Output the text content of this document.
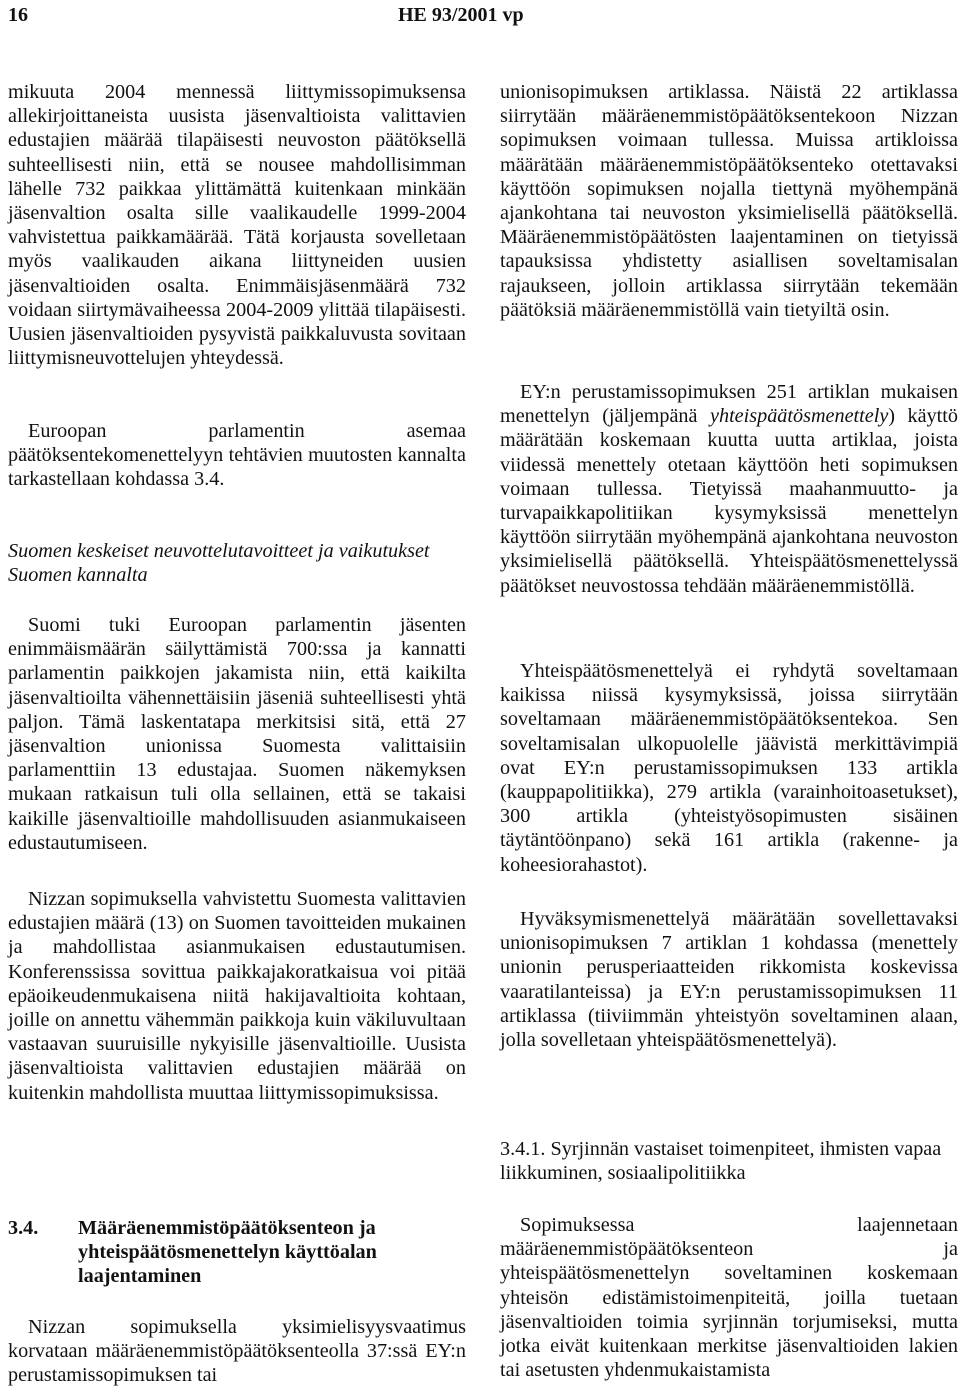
16	HE 93/2001 vp

mikuuta 2004 mennessä liittymissopimuksensa allekirjoittaneista uusista jäsenvaltioista valittavien edustajien määrää tilapäisesti neuvoston päätöksellä suhteellisesti niin, että se nousee mahdollisimman lähelle 732 paikkaa ylittämättä kuitenkaan minkään jäsenvaltion osalta sille vaalikaudelle 1999-2004 vahvistettua paikkamäärää. Tätä korjausta sovelletaan myös vaalikauden aikana liittyneiden uusien jäsenvaltioiden osalta. Enimmäisjäsenmäärä 732 voidaan siirtymävaiheessa 2004-2009 ylittää tilapäisesti. Uusien jäsenvaltioiden pysyvistä paikkaluvusta sovitaan liittymisneuvottelujen yhteydessä.

Euroopan parlamentin asemaa päätöksentekomenettelyyn tehtävien muutosten kannalta tarkastellaan kohdassa 3.4.

Suomen keskeiset neuvottelutavoitteet ja vaikutukset Suomen kannalta

Suomi tuki Euroopan parlamentin jäsenten enimmäismäärän säilyttämistä 700:ssa ja kannatti parlamentin paikkojen jakamista niin, että kaikilta jäsenvaltioilta vähennettäisiin jäseniä suhteellisesti yhtä paljon. Tämä laskentatapa merkitsisi sitä, että 27 jäsenvaltion unionissa Suomesta valittaisiin parlamenttiin 13 edustajaa. Suomen näkemyksen mukaan ratkaisun tuli olla sellainen, että se takaisi kaikille jäsenvaltioille mahdollisuuden asianmukaiseen edustautumiseen.

Nizzan sopimuksella vahvistettu Suomesta valittavien edustajien määrä (13) on Suomen tavoitteiden mukainen ja mahdollistaa asianmukaisen edustautumisen. Konferenssissa sovittua paikkajakoratkaisua voi pitää epäoikeudenmukaisena niitä hakijavaltioita kohtaan, joille on annettu vähemmän paikkoja kuin väkiluvultaan vastaavan suuruisille nykyisille jäsenvaltioille. Uusista jäsenvaltioista valittavien edustajien määrää on kuitenkin mahdollista muuttaa liittymissopimuksissa.

3.4.	Määräenemmistöpäätöksenteon ja yhteispäätösmenettelyn käyttöalan laajentaminen

Nizzan sopimuksella yksimielisyysvaatimus korvataan määräenemmistöpäätöksenteolla 37:ssä EY:n perustamissopimuksen tai

unionisopimuksen artiklassa. Näistä 22 artiklassa siirrytään määräenemmistöpäätöksentekoon Nizzan sopimuksen voimaan tullessa. Muissa artikloissa määrätään määräenemmistöpäätöksenteko otettavaksi käyttöön sopimuksen nojalla tiettynä myöhempänä ajankohtana tai neuvoston yksimielisellä päätöksellä. Määräenemmistöpäätösten laajentaminen on tietyissä tapauksissa yhdistetty asiallisen soveltamisalan rajaukseen, jolloin artiklassa siirrytään tekemään päätöksiä määräenemmistöllä vain tietyiltä osin.

EY:n perustamissopimuksen 251 artiklan mukaisen menettelyn (jäljempänä yhteispäätösmenettely) käyttö määrätään koskemaan kuutta uutta artiklaa, joista viidessä menettely otetaan käyttöön heti sopimuksen voimaan tullessa. Tietyissä maahanmuutto- ja turvapaikkapolitiikan kysymyksissä menettelyn käyttöön siirrytään myöhempänä ajankohtana neuvoston yksimielisellä päätöksellä. Yhteispäätösmenettelyssä päätökset neuvostossa tehdään määräenemmistöllä.

Yhteispäätösmenettelyä ei ryhdytä soveltamaan kaikissa niissä kysymyksissä, joissa siirrytään soveltamaan määräenemmistöpäätöksentekoa. Sen soveltamisalan ulkopuolelle jäävistä merkittävimpiä ovat EY:n perustamissopimuksen 133 artikla (kauppapolitiikka), 279 artikla (varainhoitoasetukset), 300 artikla (yhteistyösopimusten sisäinen täytäntöönpano) sekä 161 artikla (rakenne- ja koheesiorahastot).

Hyväksymismenettelyä määrätään sovellettavaksi unionisopimuksen 7 artiklan 1 kohdassa (menettely unionin perusperiaatteiden rikkomista koskevissa vaaratilanteissa) ja EY:n perustamissopimuksen 11 artiklassa (tiiviimmän yhteistyön soveltaminen alaan, jolla sovelletaan yhteispäätösmenettelyä).

3.4.1. Syrjinnän vastaiset toimenpiteet, ihmisten vapaa liikkuminen, sosiaalipolitiikka

Sopimuksessa laajennetaan määräenemmistöpäätöksenteon ja yhteispäätösmenettelyn soveltaminen koskemaan yhteisön edistämistoimenpiteitä, joilla tuetaan jäsenvaltioiden toimia syrjinnän torjumiseksi, mutta jotka eivät kuitenkaan merkitse jäsenvaltioiden lakien tai asetusten yhdenmukaistamista
